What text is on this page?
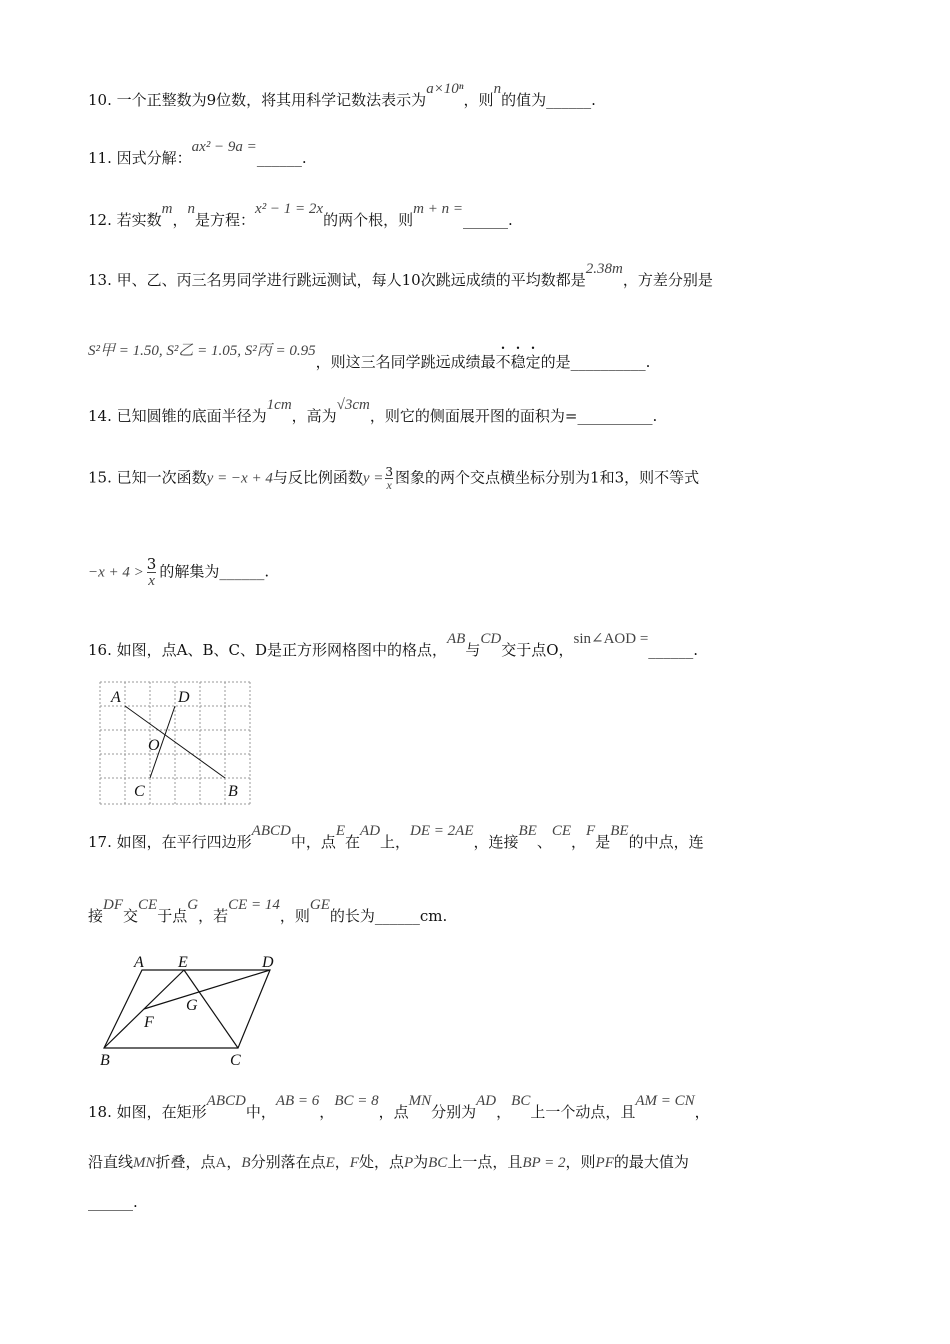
10. 一个正整数为9位数，将其用科学记数法表示为a×10ⁿ，则n的值为______.
11. 因式分解：ax² − 9a =______.
12. 若实数m，n是方程：x² − 1 = 2x的两个根，则m + n =______.
13. 甲、乙、丙三名男同学进行跳远测试，每人10次跳远成绩的平均数都是2.38m，方差分别是
S²甲 = 1.50, S²乙 = 1.05, S²丙 = 0.95，则这三名同学跳远成绩最不稳定的是__________.
14. 已知圆锥的底面半径为1cm，高为√3cm，则它的侧面展开图的面积为=__________.
15. 已知一次函数y = −x + 4与反比例函数$y = \frac{3}{x}$ 图象的两个交点横坐标分别为1和3，则不等式
$-x + 4 > \frac{3}{x}$ 的解集为______.
16. 如图，点A、B、C、D是正方形网格图中的格点，AB与CD交于点O，sin∠AOD =______.
A	D
O
C	B
17. 如图，在平行四边形ABCD中，点E在AD上，DE = 2AE，连接BE、CE，F是BE的中点，连
接DF交CE于点G，若CE = 14，则GE的长为______cm.
A E	D
F
G
B	C
18. 如图，在矩形ABCD中，AB = 6，BC = 8，点MN分别为AD，BC上一个动点，且AM = CN，
沿直线MN折叠，点A，B分别落在点E，F处，点P为BC上一点，且BP = 2，则PF的最大值为
______.
